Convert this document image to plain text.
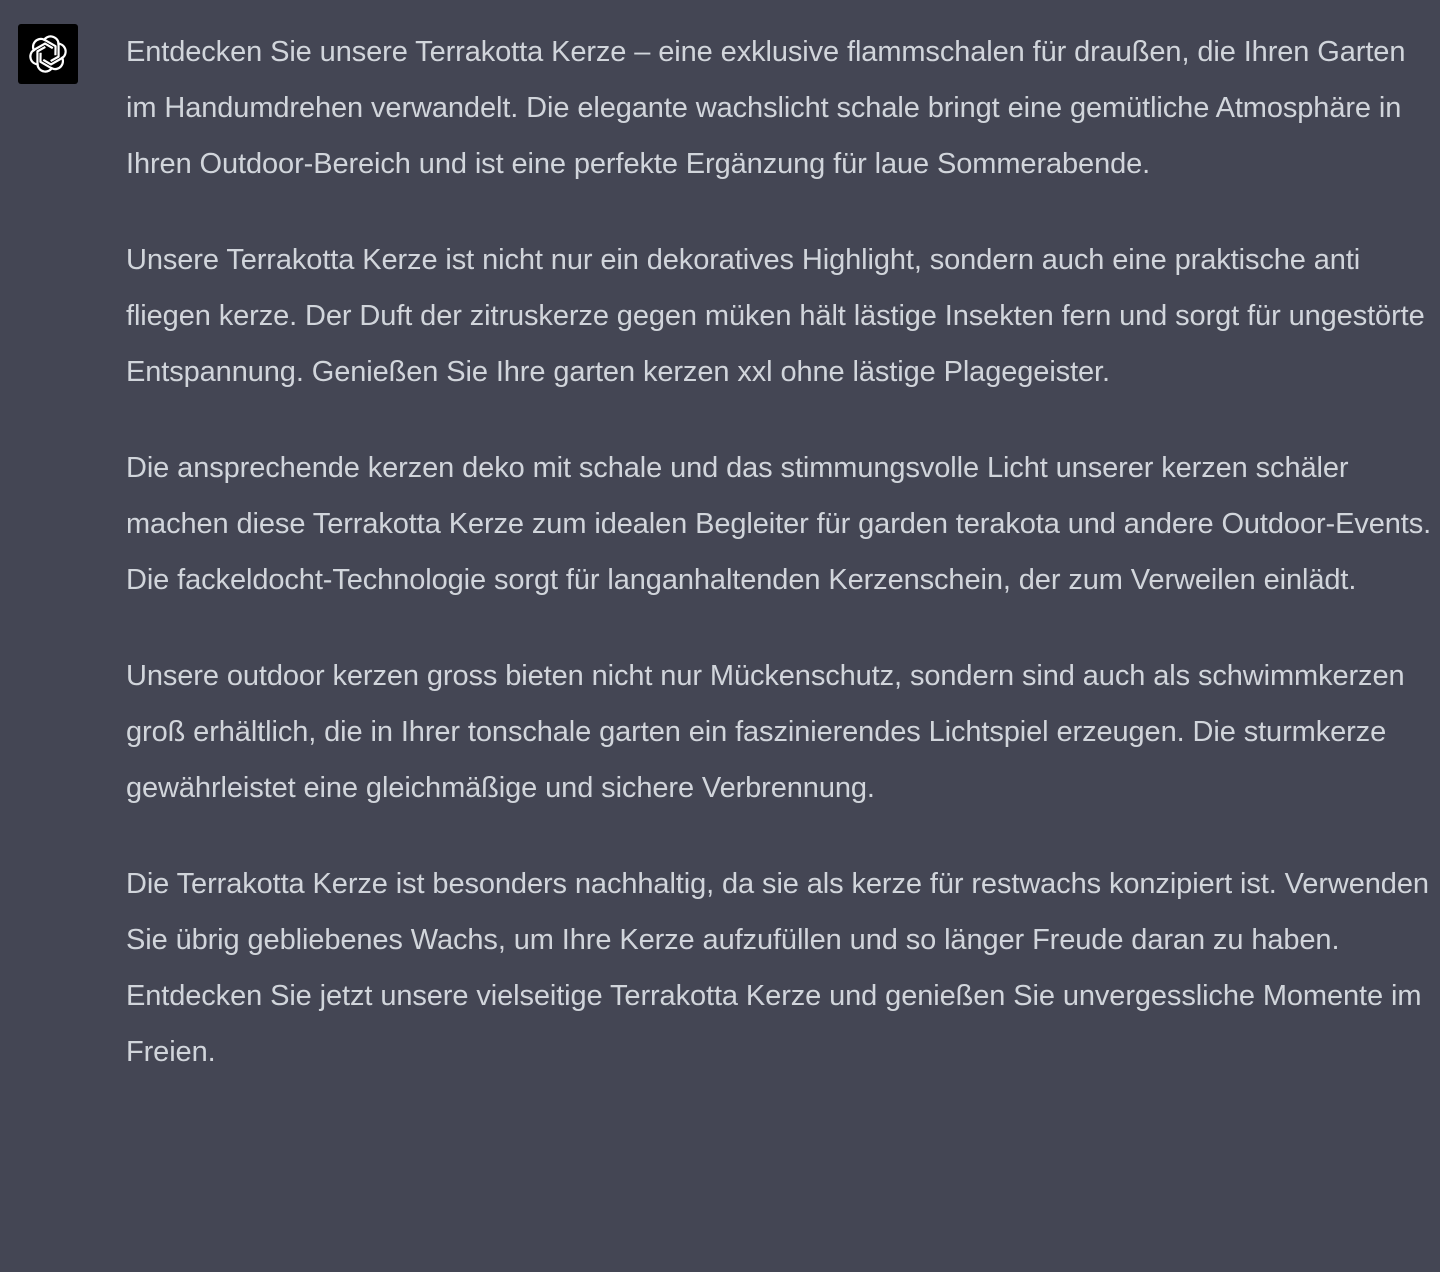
Entdecken Sie unsere Terrakotta Kerze – eine exklusive flammschalen für draußen, die Ihren Garten im Handumdrehen verwandelt. Die elegante wachslicht schale bringt eine gemütliche Atmosphäre in Ihren Outdoor-Bereich und ist eine perfekte Ergänzung für laue Sommerabende.

Unsere Terrakotta Kerze ist nicht nur ein dekoratives Highlight, sondern auch eine praktische anti fliegen kerze. Der Duft der zitruskerze gegen müken hält lästige Insekten fern und sorgt für ungestörte Entspannung. Genießen Sie Ihre garten kerzen xxl ohne lästige Plagegeister.

Die ansprechende kerzen deko mit schale und das stimmungsvolle Licht unserer kerzen schäler machen diese Terrakotta Kerze zum idealen Begleiter für garden terakota und andere Outdoor-Events. Die fackeldocht-Technologie sorgt für langanhaltenden Kerzenschein, der zum Verweilen einlädt.

Unsere outdoor kerzen gross bieten nicht nur Mückenschutz, sondern sind auch als schwimmkerzen groß erhältlich, die in Ihrer tonschale garten ein faszinierendes Lichtspiel erzeugen. Die sturmkerze gewährleistet eine gleichmäßige und sichere Verbrennung.

Die Terrakotta Kerze ist besonders nachhaltig, da sie als kerze für restwachs konzipiert ist. Verwenden Sie übrig gebliebenes Wachs, um Ihre Kerze aufzufüllen und so länger Freude daran zu haben. Entdecken Sie jetzt unsere vielseitige Terrakotta Kerze und genießen Sie unvergessliche Momente im Freien.
